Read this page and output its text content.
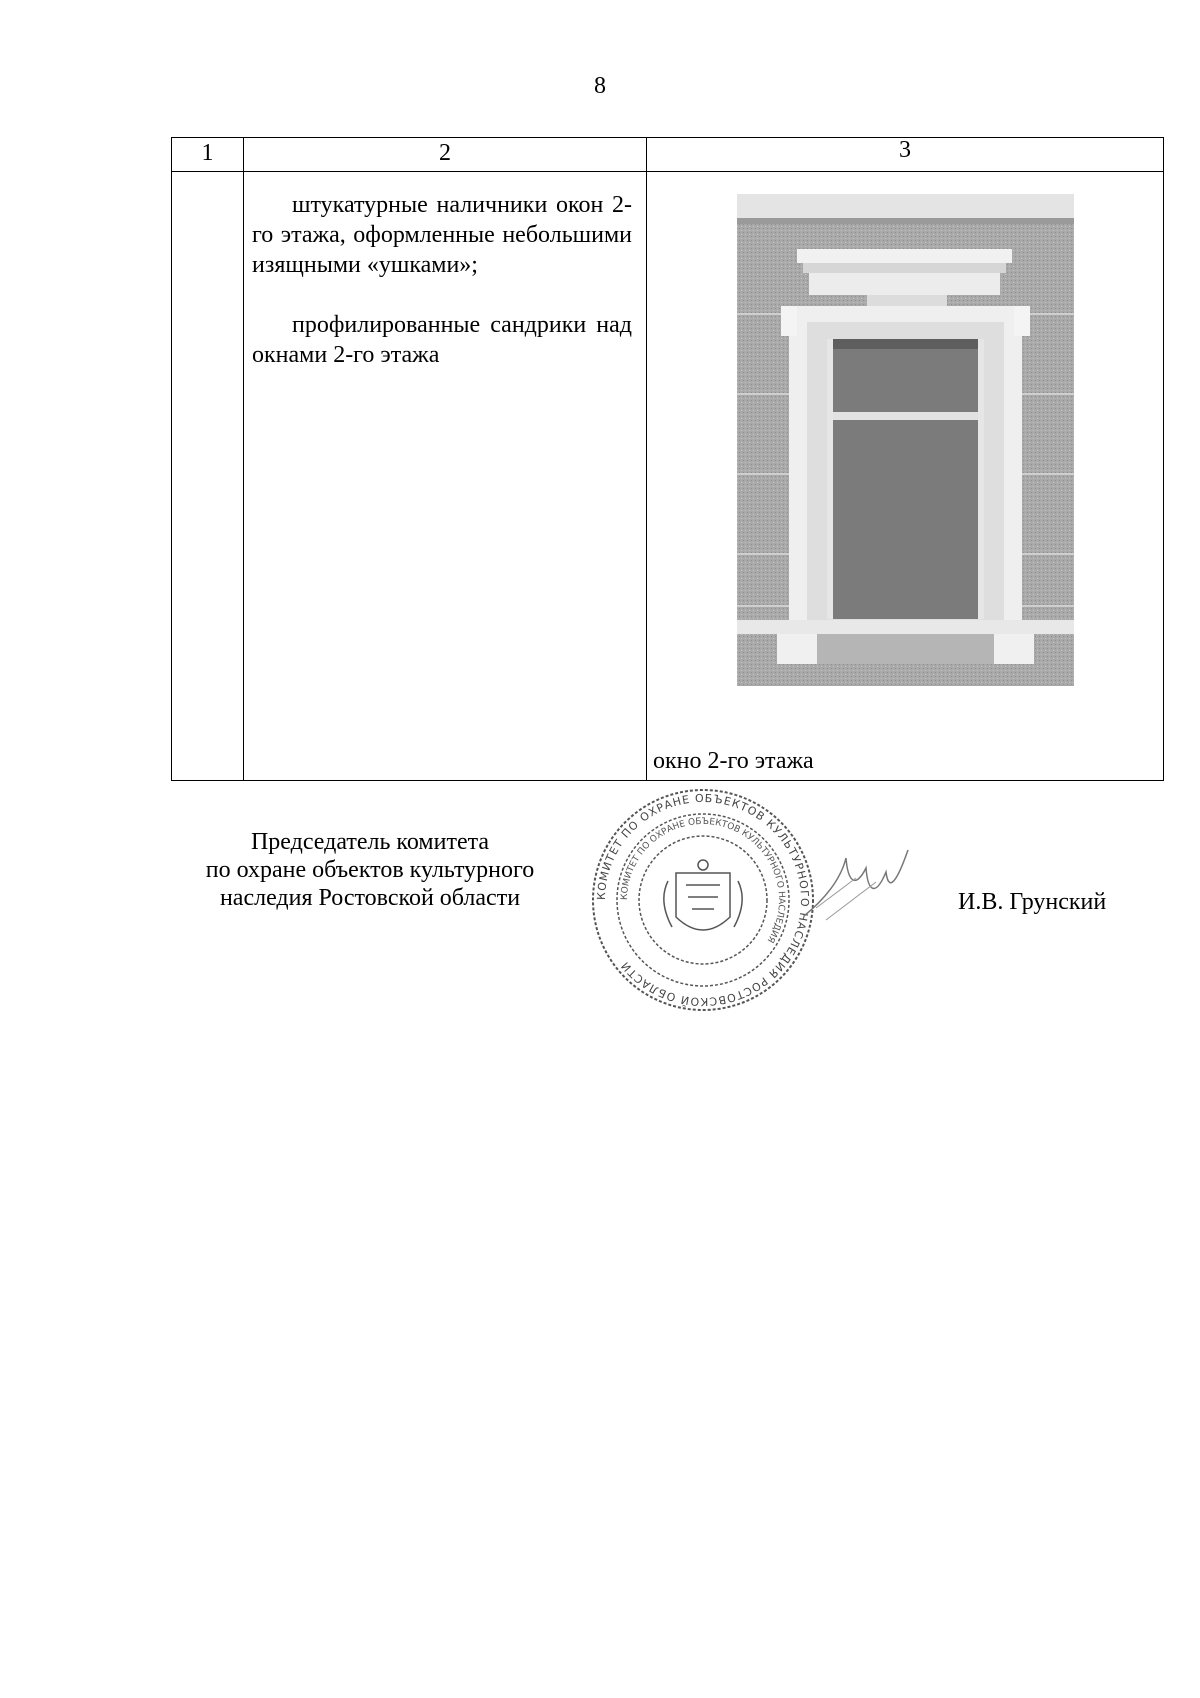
8
1	2	3

	штукатурные наличники окон 2-го этажа, оформленные небольшими изящными «ушками»;

профилированные сандрики над окнами 2-го этажа	окно 2-го этажа
Председатель комитета
по охране объектов культурного
наследия Ростовской области	КОМИТЕТ ПО ОХРАНЕ ОБЪЕКТОВ КУЛЬТУРНОГО НАСЛЕДИЯ РОСТОВСКОЙ ОБЛАСТИ
КОМИТЕТ ПО ОХРАНЕ ОБЪЕКТОВ КУЛЬТУРНОГО НАСЛЕДИЯ
И.В. Грунский
